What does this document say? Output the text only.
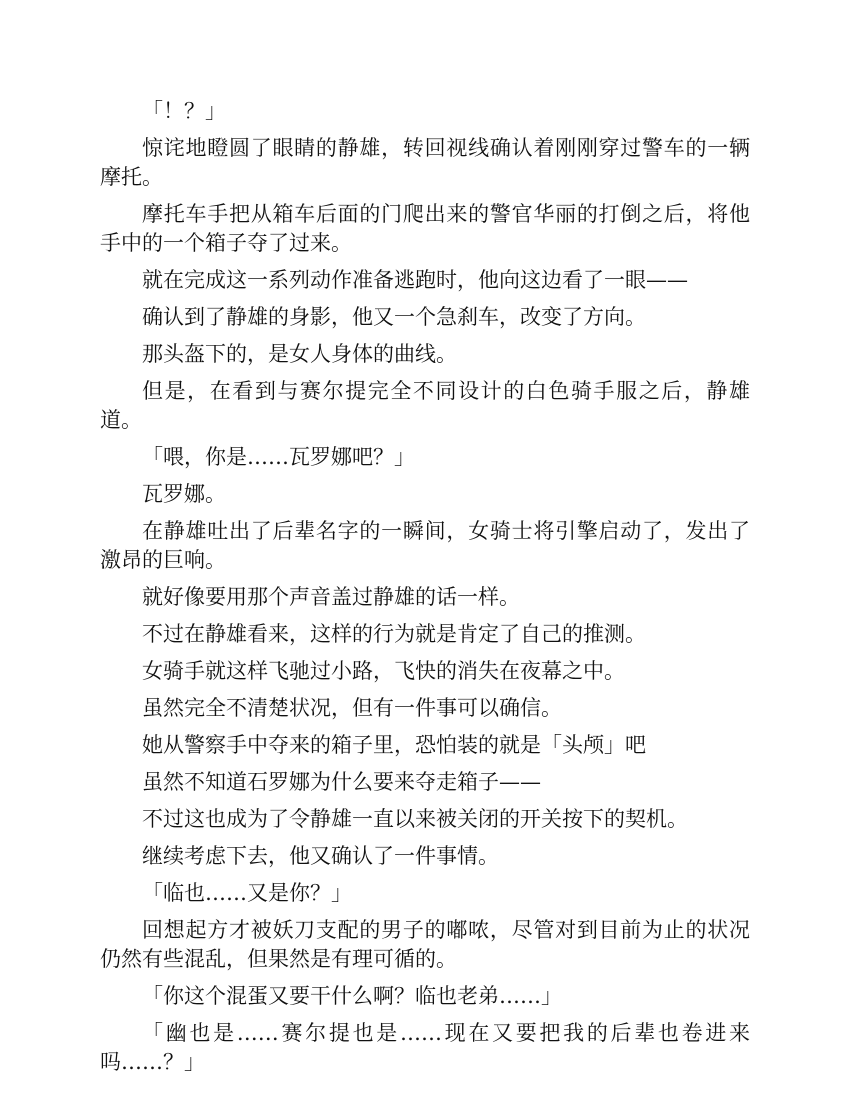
「！？」

惊诧地瞪圆了眼睛的静雄，转回视线确认着刚刚穿过警车的一辆摩托。

摩托车手把从箱车后面的门爬出来的警官华丽的打倒之后，将他手中的一个箱子夺了过来。

就在完成这一系列动作准备逃跑时，他向这边看了一眼——

确认到了静雄的身影，他又一个急刹车，改变了方向。

那头盔下的，是女人身体的曲线。

但是，在看到与赛尔提完全不同设计的白色骑手服之后，静雄道。

「喂，你是……瓦罗娜吧？」

瓦罗娜。

在静雄吐出了后辈名字的一瞬间，女骑士将引擎启动了，发出了激昂的巨响。

就好像要用那个声音盖过静雄的话一样。

不过在静雄看来，这样的行为就是肯定了自己的推测。

女骑手就这样飞驰过小路，飞快的消失在夜幕之中。

虽然完全不清楚状况，但有一件事可以确信。

她从警察手中夺来的箱子里，恐怕装的就是「头颅」吧

虽然不知道石罗娜为什么要来夺走箱子——

不过这也成为了令静雄一直以来被关闭的开关按下的契机。

继续考虑下去，他又确认了一件事情。

「临也……又是你？」

回想起方才被妖刀支配的男子的嘟哝，尽管对到目前为止的状况仍然有些混乱，但果然是有理可循的。

「你这个混蛋又要干什么啊？临也老弟……」

「幽也是……赛尔提也是……现在又要把我的后辈也卷进来吗……？」
